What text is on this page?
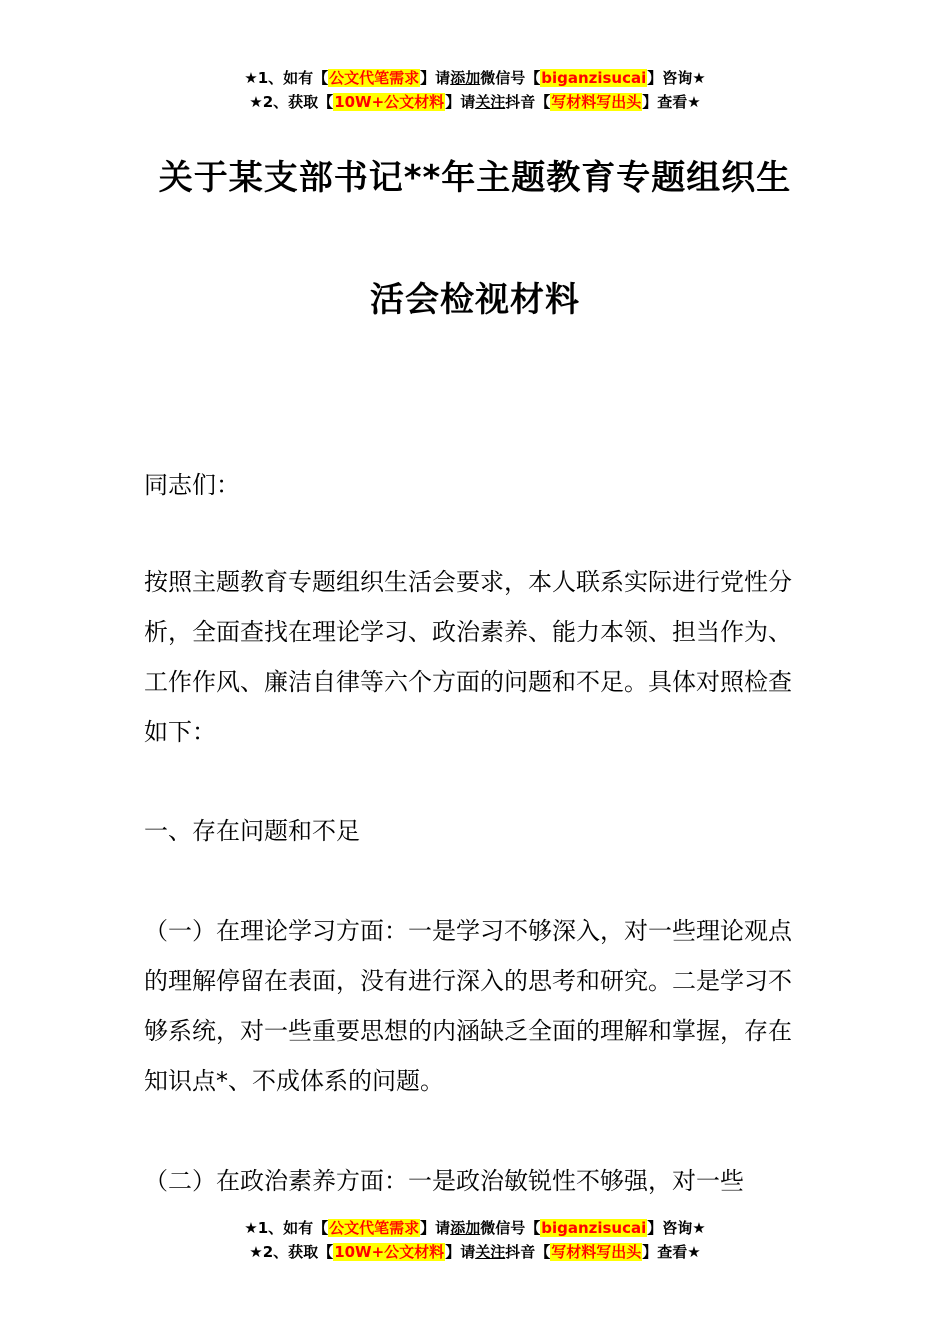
★1、如有【公文代笔需求】请添加微信号【biganzisucai】咨询★
★2、获取【10W+公文材料】请关注抖音【写材料写出头】查看★
关于某支部书记**年主题教育专题组织生
活会检视材料

同志们：

按照主题教育专题组织生活会要求，本人联系实际进行党性分析，全面查找在理论学习、政治素养、能力本领、担当作为、工作作风、廉洁自律等六个方面的问题和不足。具体对照检查如下：

一、存在问题和不足

（一）在理论学习方面：一是学习不够深入，对一些理论观点的理解停留在表面，没有进行深入的思考和研究。二是学习不够系统，对一些重要思想的内涵缺乏全面的理解和掌握，存在知识点*、不成体系的问题。

（二）在政治素养方面：一是政治敏锐性不够强，对一些

★1、如有【公文代笔需求】请添加微信号【biganzisucai】咨询★
★2、获取【10W+公文材料】请关注抖音【写材料写出头】查看★
